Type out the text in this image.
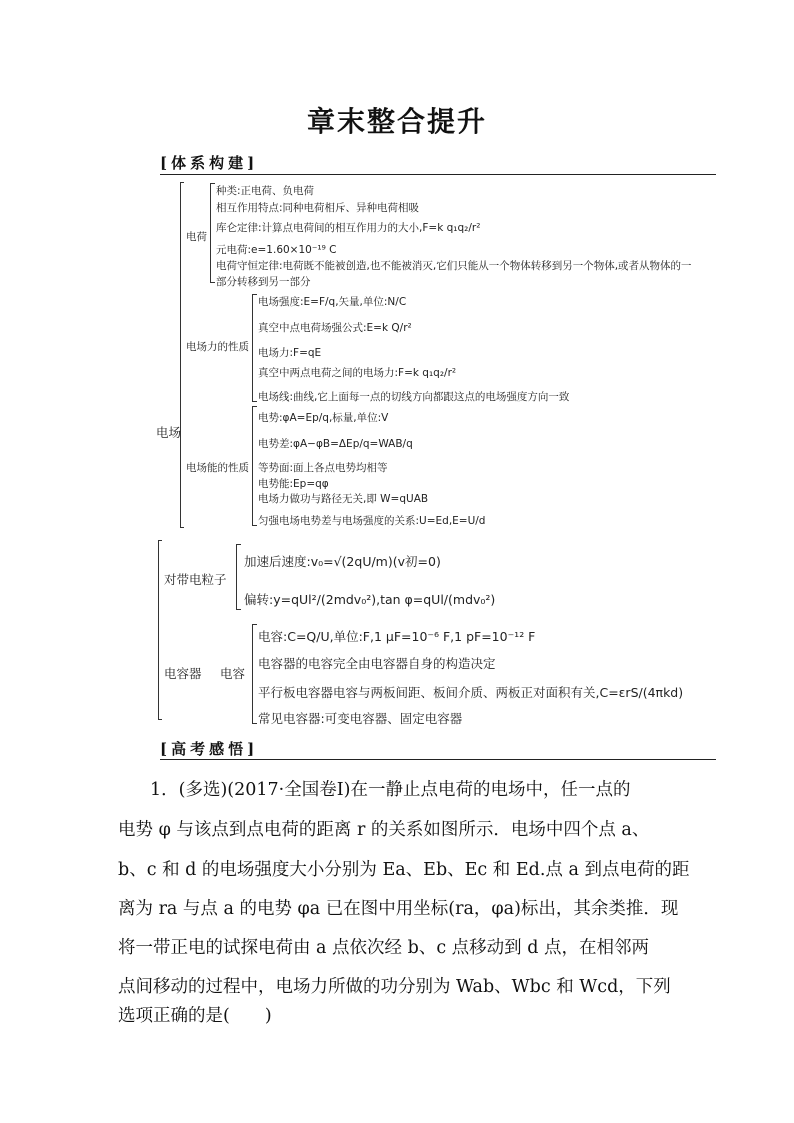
章末整合提升
[体系构建]
电场
电荷
种类:正电荷、负电荷
相互作用特点:同种电荷相斥、异种电荷相吸
库仑定律:计算点电荷间的相互作用力的大小,F=k q₁q₂/r²
元电荷:e=1.60×10⁻¹⁹ C
电荷守恒定律:电荷既不能被创造,也不能被消灭,它们只能从一个物体转移到另一个物体,或者从物体的一
部分转移到另一部分
电场力的性质
电场强度:E=F/q,矢量,单位:N/C
真空中点电荷场强公式:E=k Q/r²
电场力:F=qE
真空中两点电荷之间的电场力:F=k q₁q₂/r²
电场线:曲线,它上面每一点的切线方向都跟这点的电场强度方向一致
电场能的性质
电势:φA=Ep/q,标量,单位:V
电势差:φA−φB=ΔEp/q=WAB/q
等势面:面上各点电势均相等
电势能:Ep=qφ
电场力做功与路径无关,即 W=qUAB
匀强电场电势差与电场强度的关系:U=Ed,E=U/d
对带电粒子
加速后速度:v₀=√(2qU/m)(v初=0)
偏转:y=qUl²/(2mdv₀²),tan φ=qUl/(mdv₀²)
电容器 电容
电容:C=Q/U,单位:F,1 μF=10⁻⁶ F,1 pF=10⁻¹² F
电容器的电容完全由电容器自身的构造决定
平行板电容器电容与两板间距、板间介质、两板正对面积有关,C=εrS/(4πkd)
常见电容器:可变电容器、固定电容器
[高考感悟]
1．(多选)(2017·全国卷Ⅰ)在一静止点电荷的电场中，任一点的
电势 φ 与该点到点电荷的距离 r 的关系如图所示．电场中四个点 a、
b、c 和 d 的电场强度大小分别为 Ea、Eb、Ec 和 Ed.点 a 到点电荷的距
离为 ra 与点 a 的电势 φa 已在图中用坐标(ra，φa)标出，其余类推．现
将一带正电的试探电荷由 a 点依次经 b、c 点移动到 d 点，在相邻两
点间移动的过程中，电场力所做的功分别为 Wab、Wbc 和 Wcd，下列
选项正确的是(　　)
